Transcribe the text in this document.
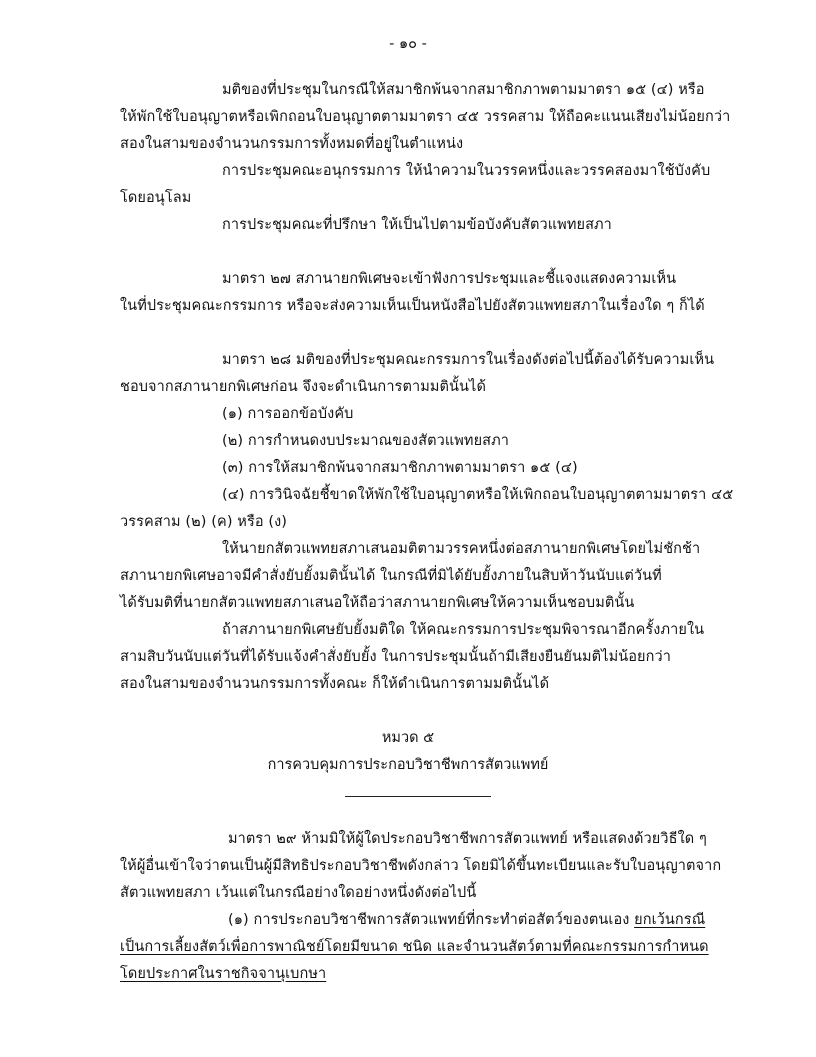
- ๑๐ -
มติของที่ประชุมในกรณีให้สมาชิกพ้นจากสมาชิกภาพตามมาตรา ๑๕ (๔) หรือ
ให้พักใช้ใบอนุญาตหรือเพิกถอนใบอนุญาตตามมาตรา ๔๕ วรรคสาม ให้ถือคะแนนเสียงไม่น้อยกว่า
สองในสามของจำนวนกรรมการทั้งหมดที่อยู่ในตำแหน่ง
การประชุมคณะอนุกรรมการ ให้นำความในวรรคหนึ่งและวรรคสองมาใช้บังคับ
โดยอนุโลม
การประชุมคณะที่ปรึกษา ให้เป็นไปตามข้อบังคับสัตวแพทยสภา
มาตรา ๒๗ สภานายกพิเศษจะเข้าฟังการประชุมและชี้แจงแสดงความเห็น
ในที่ประชุมคณะกรรมการ หรือจะส่งความเห็นเป็นหนังสือไปยังสัตวแพทยสภาในเรื่องใด ๆ ก็ได้
มาตรา ๒๘ มติของที่ประชุมคณะกรรมการในเรื่องดังต่อไปนี้ต้องได้รับความเห็น
ชอบจากสภานายกพิเศษก่อน จึงจะดำเนินการตามมตินั้นได้
(๑) การออกข้อบังคับ
(๒) การกำหนดงบประมาณของสัตวแพทยสภา
(๓) การให้สมาชิกพ้นจากสมาชิกภาพตามมาตรา ๑๕ (๔)
(๔) การวินิจฉัยชี้ขาดให้พักใช้ใบอนุญาตหรือให้เพิกถอนใบอนุญาตตามมาตรา ๔๕
วรรคสาม (๒) (ค) หรือ (ง)
ให้นายกสัตวแพทยสภาเสนอมติตามวรรคหนึ่งต่อสภานายกพิเศษโดยไม่ชักช้า
สภานายกพิเศษอาจมีคำสั่งยับยั้งมตินั้นได้ ในกรณีที่มิได้ยับยั้งภายในสิบห้าวันนับแต่วันที่
ได้รับมติที่นายกสัตวแพทยสภาเสนอให้ถือว่าสภานายกพิเศษให้ความเห็นชอบมตินั้น
ถ้าสภานายกพิเศษยับยั้งมติใด ให้คณะกรรมการประชุมพิจารณาอีกครั้งภายใน
สามสิบวันนับแต่วันที่ได้รับแจ้งคำสั่งยับยั้ง ในการประชุมนั้นถ้ามีเสียงยืนยันมติไม่น้อยกว่า
สองในสามของจำนวนกรรมการทั้งคณะ ก็ให้ดำเนินการตามมตินั้นได้
หมวด ๕
การควบคุมการประกอบวิชาชีพการสัตวแพทย์
มาตรา ๒๙ ห้ามมิให้ผู้ใดประกอบวิชาชีพการสัตวแพทย์ หรือแสดงด้วยวิธีใด ๆ
ให้ผู้อื่นเข้าใจว่าตนเป็นผู้มีสิทธิประกอบวิชาชีพดังกล่าว โดยมิได้ขึ้นทะเบียนและรับใบอนุญาตจาก
สัตวแพทยสภา เว้นแต่ในกรณีอย่างใดอย่างหนึ่งดังต่อไปนี้
(๑) การประกอบวิชาชีพการสัตวแพทย์ที่กระทำต่อสัตว์ของตนเอง ยกเว้นกรณี
เป็นการเลี้ยงสัตว์เพื่อการพาณิชย์โดยมีขนาด ชนิด และจำนวนสัตว์ตามที่คณะกรรมการกำหนด
โดยประกาศในราชกิจจานุเบกษา
